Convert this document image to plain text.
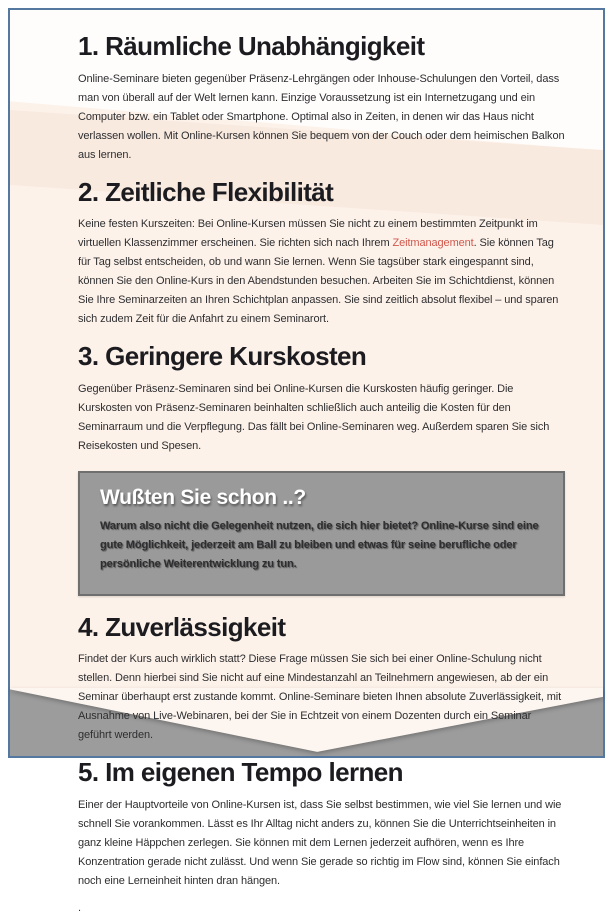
1. Räumliche Unabhängigkeit

Online-Seminare bieten gegenüber Präsenz-Lehrgängen oder Inhouse-Schulungen den Vorteil, dass man von überall auf der Welt lernen kann. Einzige Voraussetzung ist ein Internetzugang und ein Computer bzw. ein Tablet oder Smartphone. Optimal also in Zeiten, in denen wir das Haus nicht verlassen wollen. Mit Online-Kursen können Sie bequem von der Couch oder dem heimischen Balkon aus lernen.

2. Zeitliche Flexibilität

Keine festen Kurszeiten: Bei Online-Kursen müssen Sie nicht zu einem bestimmten Zeitpunkt im virtuellen Klassenzimmer erscheinen. Sie richten sich nach Ihrem Zeitmanagement. Sie können Tag für Tag selbst entscheiden, ob und wann Sie lernen. Wenn Sie tagsüber stark eingespannt sind, können Sie den Online-Kurs in den Abendstunden besuchen. Arbeiten Sie im Schichtdienst, können Sie Ihre Seminarzeiten an Ihren Schichtplan anpassen. Sie sind zeitlich absolut flexibel – und sparen sich zudem Zeit für die Anfahrt zu einem Seminarort.

3. Geringere Kurskosten

Gegenüber Präsenz-Seminaren sind bei Online-Kursen die Kurskosten häufig geringer. Die Kurskosten von Präsenz-Seminaren beinhalten schließlich auch anteilig die Kosten für den Seminarraum und die Verpflegung. Das fällt bei Online-Seminaren weg. Außerdem sparen Sie sich Reisekosten und Spesen.

Wußten Sie schon ..?

Warum also nicht die Gelegenheit nutzen, die sich hier bietet? Online-Kurse sind eine gute Möglichkeit, jederzeit am Ball zu bleiben und etwas für seine berufliche oder persönliche Weiterentwicklung zu tun.

4. Zuverlässigkeit

Findet der Kurs auch wirklich statt? Diese Frage müssen Sie sich bei einer Online-Schulung nicht stellen. Denn hierbei sind Sie nicht auf eine Mindestanzahl an Teilnehmern angewiesen, ab der ein Seminar überhaupt erst zustande kommt. Online-Seminare bieten Ihnen absolute Zuverlässigkeit, mit Ausnahme von Live-Webinaren, bei der Sie in Echtzeit von einem Dozenten durch ein Seminar geführt werden.

5. Im eigenen Tempo lernen

Einer der Hauptvorteile von Online-Kursen ist, dass Sie selbst bestimmen, wie viel Sie lernen und wie schnell Sie vorankommen. Lässt es Ihr Alltag nicht anders zu, können Sie die Unterrichtseinheiten in ganz kleine Häppchen zerlegen. Sie können mit dem Lernen jederzeit aufhören, wenn es Ihre Konzentration gerade nicht zulässt. Und wenn Sie gerade so richtig im Flow sind, können Sie einfach noch eine Lerneinheit hinten dran hängen.

.
